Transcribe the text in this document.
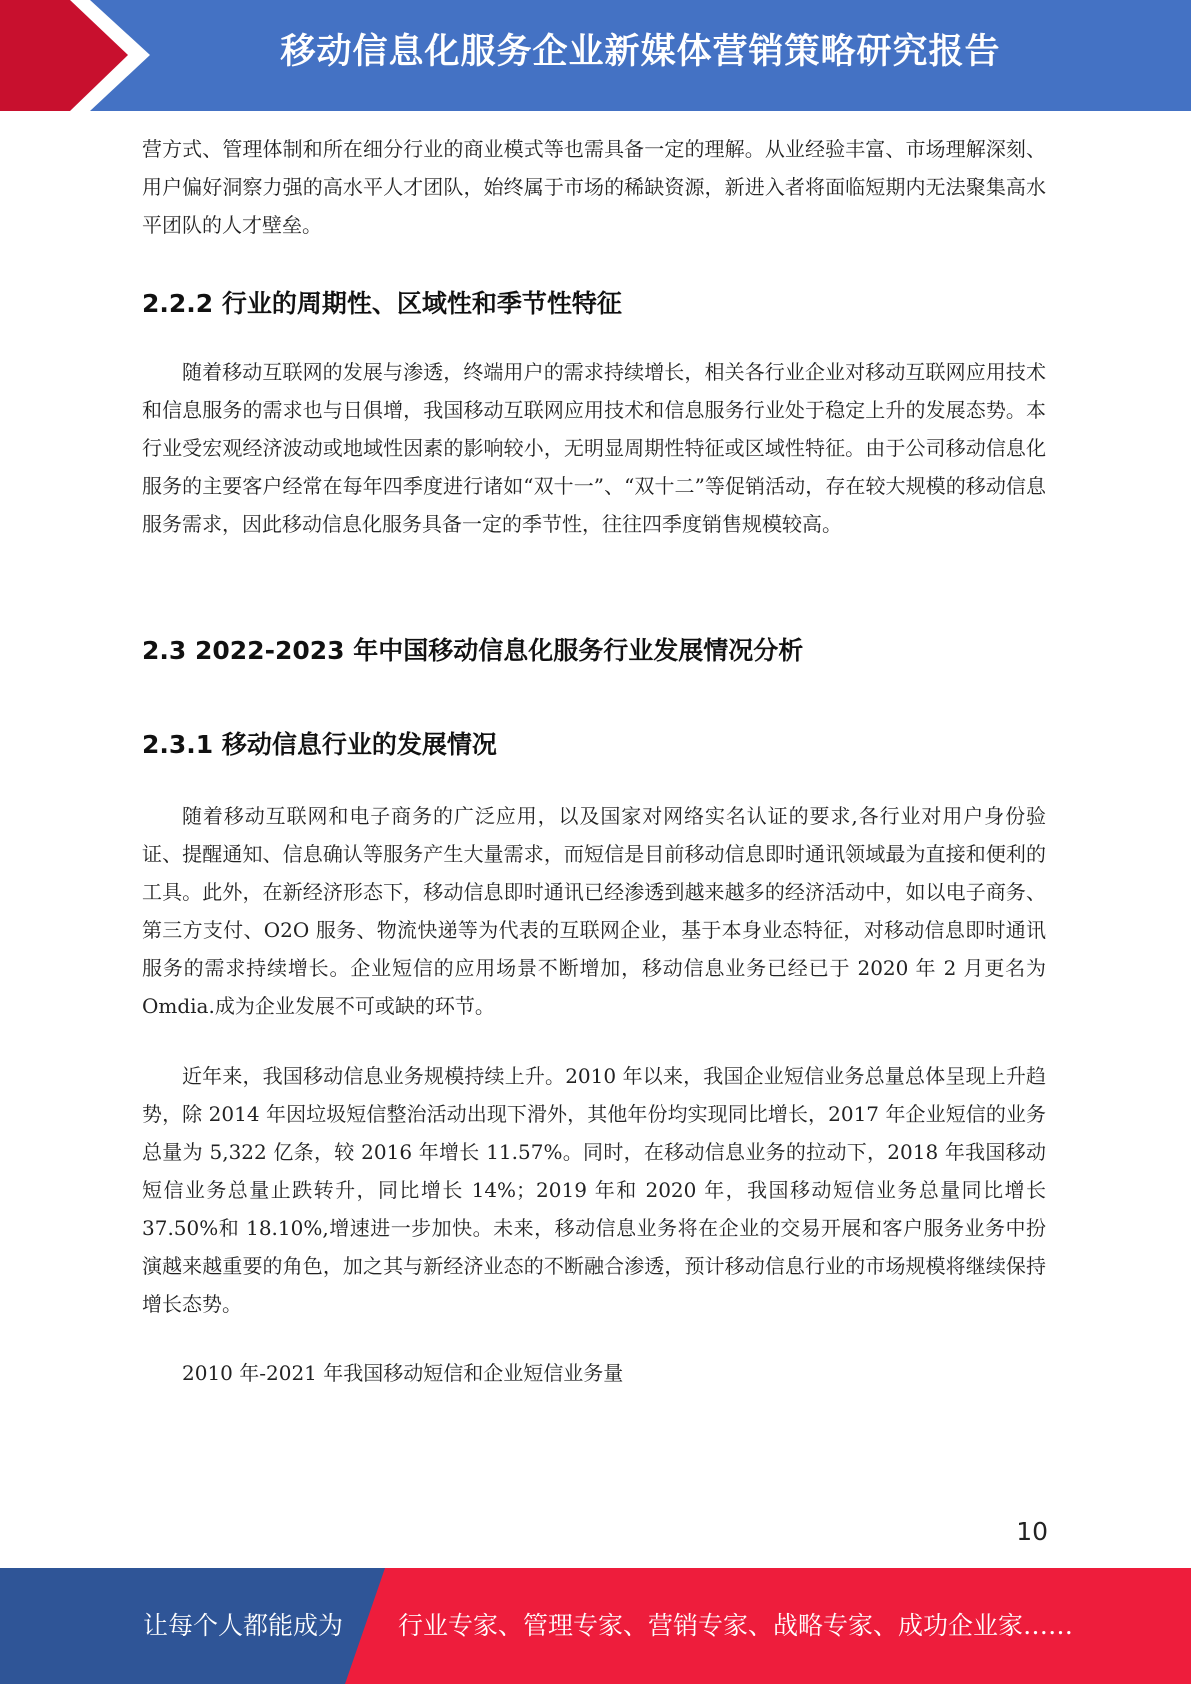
移动信息化服务企业新媒体营销策略研究报告

营方式、管理体制和所在细分行业的商业模式等也需具备一定的理解。从业经验丰富、市场理解深刻、用户偏好洞察力强的高水平人才团队，始终属于市场的稀缺资源，新进入者将面临短期内无法聚集高水平团队的人才壁垒。

2.2.2 行业的周期性、区域性和季节性特征

随着移动互联网的发展与渗透，终端用户的需求持续增长，相关各行业企业对移动互联网应用技术和信息服务的需求也与日俱增，我国移动互联网应用技术和信息服务行业处于稳定上升的发展态势。本行业受宏观经济波动或地域性因素的影响较小，无明显周期性特征或区域性特征。由于公司移动信息化服务的主要客户经常在每年四季度进行诸如“双十一”、“双十二”等促销活动，存在较大规模的移动信息服务需求，因此移动信息化服务具备一定的季节性，往往四季度销售规模较高。

2.3 2022-2023 年中国移动信息化服务行业发展情况分析
2.3.1 移动信息行业的发展情况

随着移动互联网和电子商务的广泛应用，以及国家对网络实名认证的要求,各行业对用户身份验证、提醒通知、信息确认等服务产生大量需求，而短信是目前移动信息即时通讯领域最为直接和便利的工具。此外，在新经济形态下，移动信息即时通讯已经渗透到越来越多的经济活动中，如以电子商务、第三方支付、O2O 服务、物流快递等为代表的互联网企业，基于本身业态特征，对移动信息即时通讯服务的需求持续增长。企业短信的应用场景不断增加，移动信息业务已经已于 2020 年 2 月更名为 Omdia.成为企业发展不可或缺的环节。

近年来，我国移动信息业务规模持续上升。2010 年以来，我国企业短信业务总量总体呈现上升趋势，除 2014 年因垃圾短信整治活动出现下滑外，其他年份均实现同比增长，2017 年企业短信的业务总量为 5,322 亿条，较 2016 年增长 11.57%。同时，在移动信息业务的拉动下，2018 年我国移动短信业务总量止跌转升，同比增长 14%；2019 年和 2020 年，我国移动短信业务总量同比增长 37.50%和 18.10%,增速进一步加快。未来，移动信息业务将在企业的交易开展和客户服务业务中扮演越来越重要的角色，加之其与新经济业态的不断融合渗透，预计移动信息行业的市场规模将继续保持增长态势。

2010 年-2021 年我国移动短信和企业短信业务量

10
让每个人都能成为 行业专家、管理专家、营销专家、战略专家、成功企业家……
